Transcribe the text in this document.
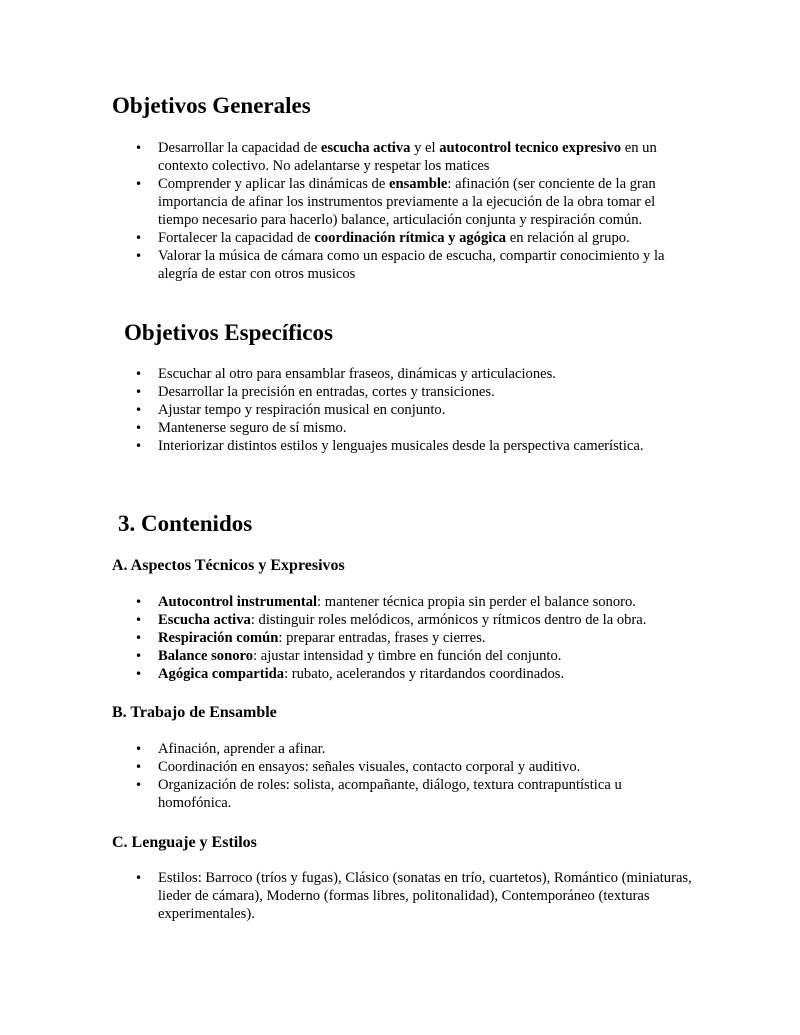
Objetivos Generales
• Desarrollar la capacidad de escucha activa y el autocontrol tecnico expresivo en un contexto colectivo. No adelantarse y respetar los matices
• Comprender y aplicar las dinámicas de ensamble: afinación (ser conciente de la gran importancia de afinar los instrumentos previamente a la ejecución de la obra tomar el tiempo necesario para hacerlo) balance, articulación conjunta y respiración común.
• Fortalecer la capacidad de coordinación rítmica y agógica en relación al grupo.
• Valorar la música de cámara como un espacio de escucha, compartir conocimiento y la alegría de estar con otros musicos
Objetivos Específicos
• Escuchar al otro para ensamblar fraseos, dinámicas y articulaciones.
• Desarrollar la precisión en entradas, cortes y transiciones.
• Ajustar tempo y respiración musical en conjunto.
• Mantenerse seguro de sí mismo.
• Interiorizar distintos estilos y lenguajes musicales desde la perspectiva camerística.
3. Contenidos
A. Aspectos Técnicos y Expresivos
• Autocontrol instrumental: mantener técnica propia sin perder el balance sonoro.
• Escucha activa: distinguir roles melódicos, armónicos y rítmicos dentro de la obra.
• Respiración común: preparar entradas, frases y cierres.
• Balance sonoro: ajustar intensidad y timbre en función del conjunto.
• Agógica compartida: rubato, acelerandos y ritardandos coordinados.
B. Trabajo de Ensamble
• Afinación, aprender a afinar.
• Coordinación en ensayos: señales visuales, contacto corporal y auditivo.
• Organización de roles: solista, acompañante, diálogo, textura contrapuntística u homofónica.
C. Lenguaje y Estilos
• Estilos: Barroco (tríos y fugas), Clásico (sonatas en trío, cuartetos), Romántico (miniaturas, lieder de cámara), Moderno (formas libres, politonalidad), Contemporáneo (texturas experimentales).
